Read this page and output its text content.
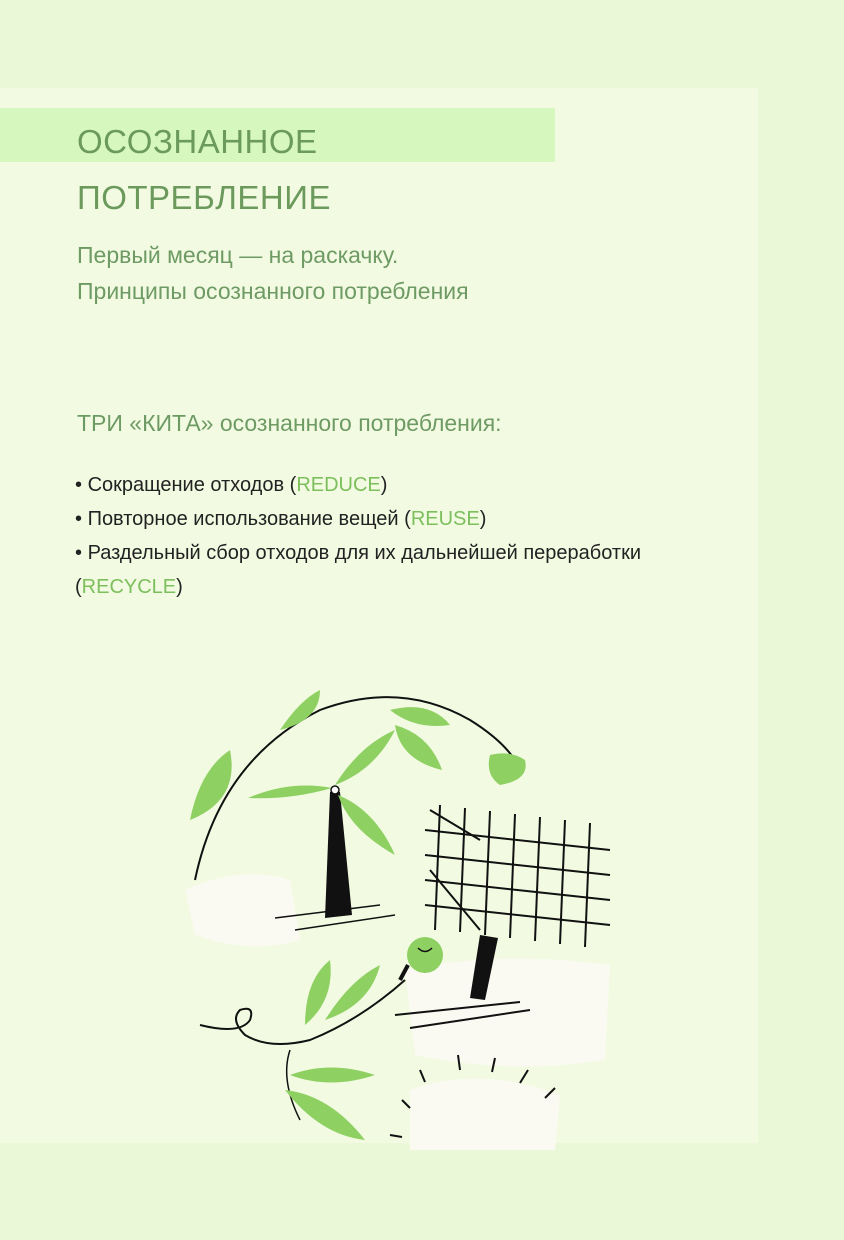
ОСОЗНАННОЕ
ПОТРЕБЛЕНИЕ
Первый месяц — на раскачку.
Принципы осознанного потребления
ТРИ «КИТА» осознанного потребления:
• Сокращение отходов (REDUCE)
• Повторное использование вещей (REUSE)
• Раздельный сбор отходов для их дальнейшей переработки
(RECYCLE)
